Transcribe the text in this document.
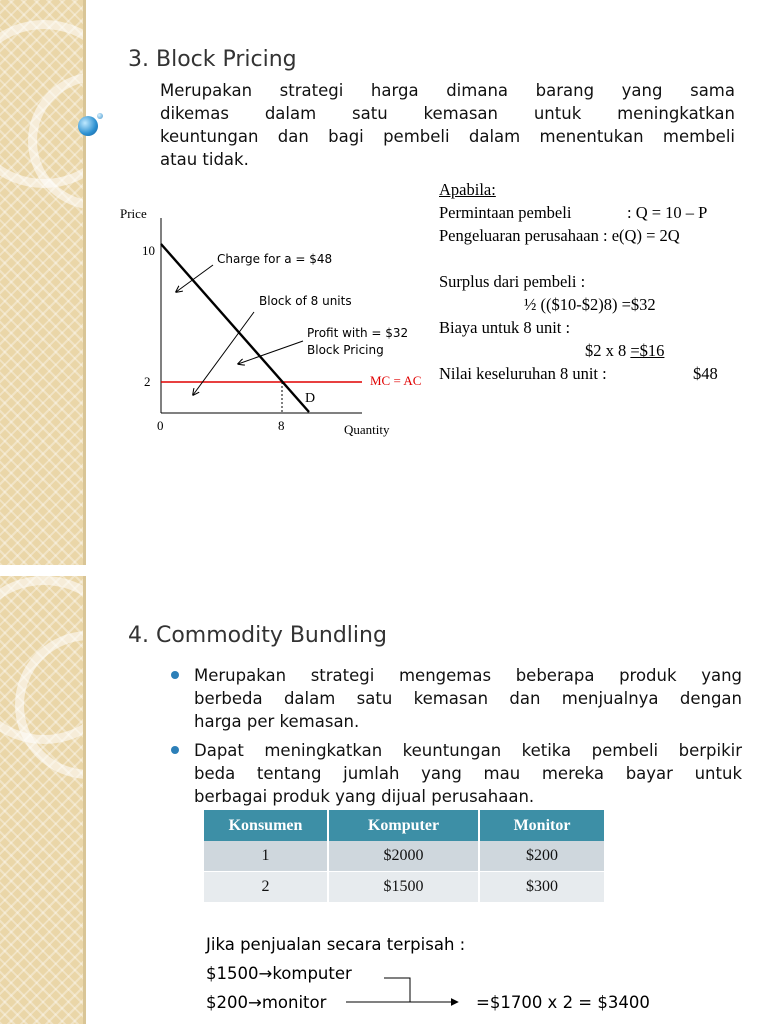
3. Block Pricing
Merupakan strategi harga dimana barang yang sama
dikemas dalam satu kemasan untuk meningkatkan
keuntungan dan bagi pembeli dalam menentukan membeli
atau tidak.
Price
10
2
0	8	Quantity
Charge for a = $48
Block of 8 units
Profit with = $32
Block Pricing
MC = AC
D
Apabila:
Permintaan pembeli	: Q = 10 – P
Pengeluaran perusahaan : e(Q) = 2Q
Surplus dari pembeli :
½ (($10-$2)8) =$32
Biaya untuk 8 unit :
$2 x 8 =$16
Nilai keseluruhan 8 unit :	$48
4. Commodity Bundling
Merupakan strategi mengemas beberapa produk yang
berbeda dalam satu kemasan dan menjualnya dengan
harga per kemasan.
Dapat meningkatkan keuntungan ketika pembeli berpikir
beda tentang jumlah yang mau mereka bayar untuk
berbagai produk yang dijual perusahaan.
Konsumen	Komputer	Monitor
1	$2000	$200
2	$1500	$300
Jika penjualan secara terpisah :
$1500→komputer
$200→monitor	=$1700 x 2 = $3400
